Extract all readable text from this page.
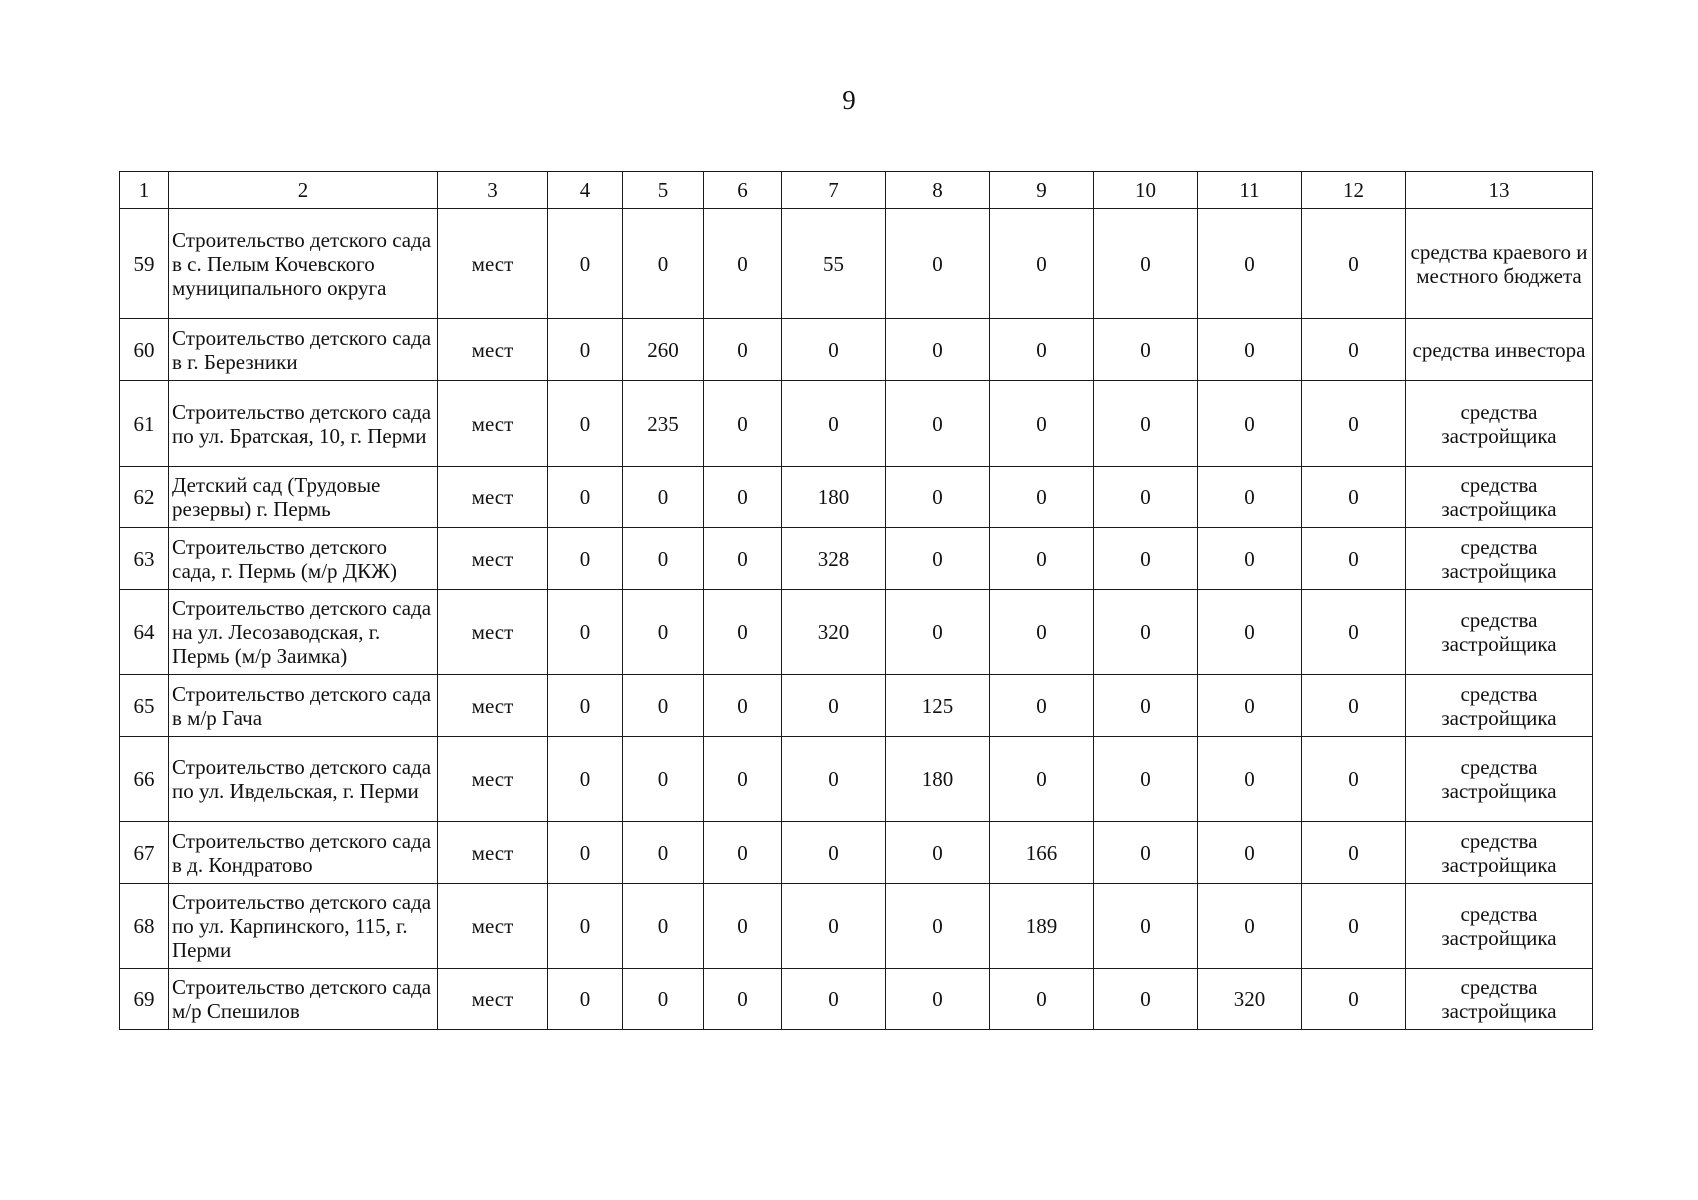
9
1	2	3	4	5	6	7	8	9	10	11	12	13
59	Строительство детского сада в с. Пелым Кочевского муниципального округа	мест	0	0	0	55	0	0	0	0	0	средства краевого и местного бюджета
60	Строительство детского сада в г. Березники	мест	0	260	0	0	0	0	0	0	0	средства инвестора
61	Строительство детского сада по ул. Братская, 10, г. Перми	мест	0	235	0	0	0	0	0	0	0	средства застройщика
62	Детский сад (Трудовые резервы) г. Пермь	мест	0	0	0	180	0	0	0	0	0	средства застройщика
63	Строительство детского сада, г. Пермь (м/р ДКЖ)	мест	0	0	0	328	0	0	0	0	0	средства застройщика
64	Строительство детского сада на ул. Лесозаводская, г. Пермь (м/р Заимка)	мест	0	0	0	320	0	0	0	0	0	средства застройщика
65	Строительство детского сада в м/р Гача	мест	0	0	0	0	125	0	0	0	0	средства застройщика
66	Строительство детского сада по ул. Ивдельская, г. Перми	мест	0	0	0	0	180	0	0	0	0	средства застройщика
67	Строительство детского сада в д. Кондратово	мест	0	0	0	0	0	166	0	0	0	средства застройщика
68	Строительство детского сада по ул. Карпинского, 115, г. Перми	мест	0	0	0	0	0	189	0	0	0	средства застройщика
69	Строительство детского сада м/р Спешилов	мест	0	0	0	0	0	0	0	320	0	средства застройщика
